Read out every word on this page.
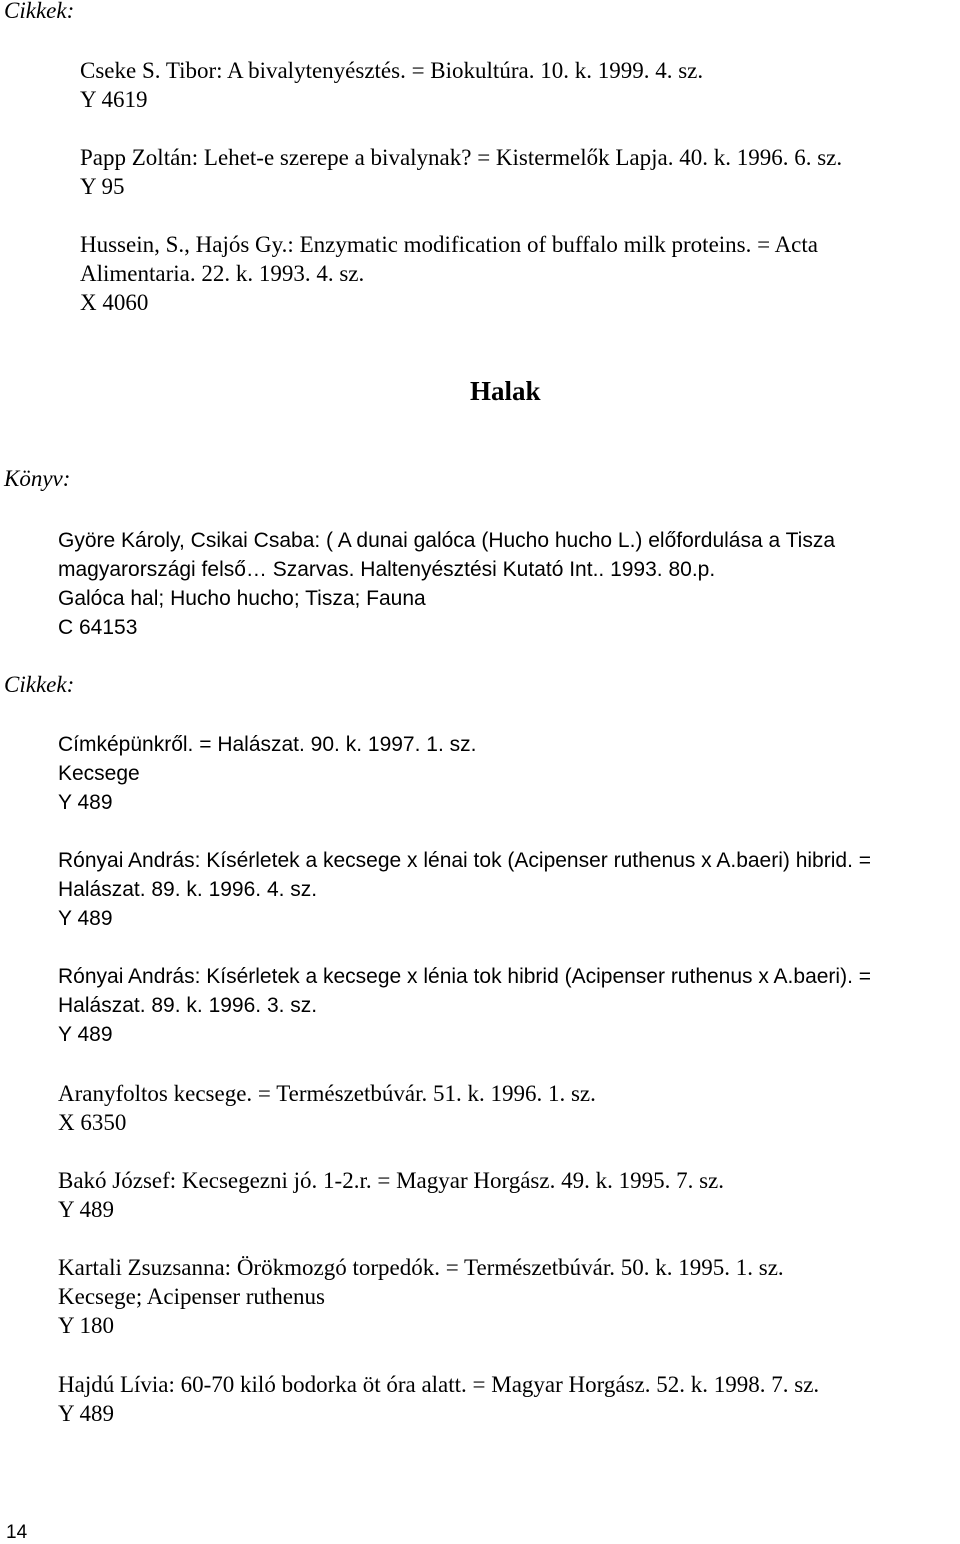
Cikkek:
Cseke S. Tibor: A bivalytenyésztés. = Biokultúra. 10. k. 1999. 4. sz.
Y 4619
Papp Zoltán: Lehet-e szerepe a bivalynak? = Kistermelők Lapja. 40. k. 1996. 6. sz.
Y 95
Hussein, S., Hajós Gy.: Enzymatic modification of buffalo milk proteins. = Acta
Alimentaria. 22. k. 1993. 4. sz.
X 4060
Halak
Könyv:
Györe Károly, Csikai Csaba: ( A dunai galóca (Hucho hucho L.) előfordulása a Tisza
magyarországi felső… Szarvas. Haltenyésztési Kutató Int.. 1993. 80.p.
Galóca hal; Hucho hucho; Tisza; Fauna
C 64153
Cikkek:
Címképünkről. = Halászat. 90. k. 1997. 1. sz.
Kecsege
Y 489
Rónyai András: Kísérletek a kecsege x lénai tok (Acipenser ruthenus x A.baeri) hibrid. =
Halászat. 89. k. 1996. 4. sz.
Y 489
Rónyai András: Kísérletek a kecsege x lénia tok hibrid (Acipenser ruthenus x A.baeri). =
Halászat. 89. k. 1996. 3. sz.
Y 489
Aranyfoltos kecsege. = Természetbúvár. 51. k. 1996. 1. sz.
X 6350
Bakó József: Kecsegezni jó. 1-2.r. = Magyar Horgász. 49. k. 1995. 7. sz.
Y 489
Kartali Zsuzsanna: Örökmozgó torpedók. = Természetbúvár. 50. k. 1995. 1. sz.
Kecsege; Acipenser ruthenus
Y 180
Hajdú Lívia: 60-70 kiló bodorka öt óra alatt. = Magyar Horgász. 52. k. 1998. 7. sz.
Y 489
14
